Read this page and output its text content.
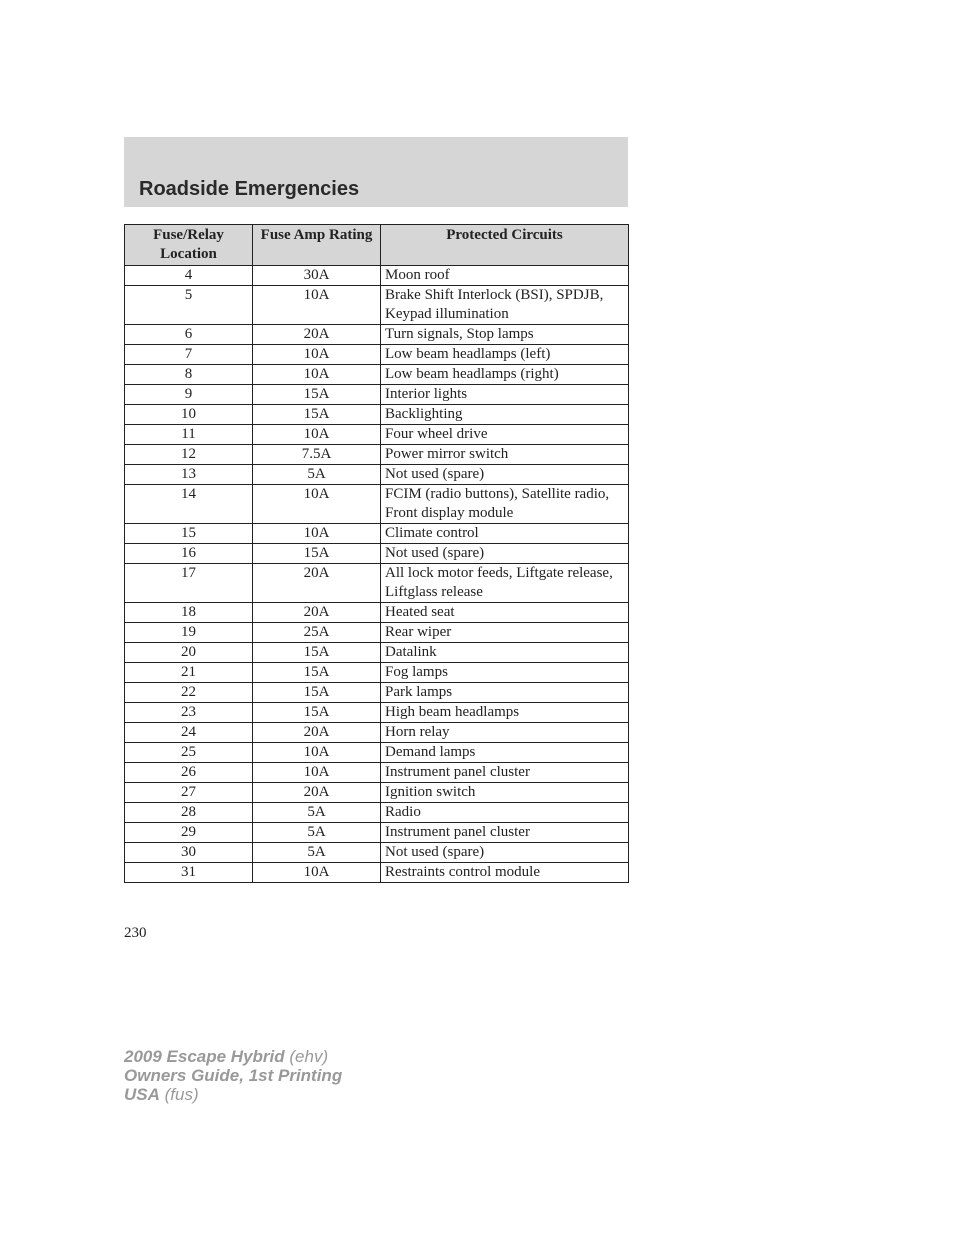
Roadside Emergencies
Fuse/Relay Location	Fuse Amp Rating	Protected Circuits
4	30A	Moon roof
5	10A	Brake Shift Interlock (BSI), SPDJB, Keypad illumination
6	20A	Turn signals, Stop lamps
7	10A	Low beam headlamps (left)
8	10A	Low beam headlamps (right)
9	15A	Interior lights
10	15A	Backlighting
11	10A	Four wheel drive
12	7.5A	Power mirror switch
13	5A	Not used (spare)
14	10A	FCIM (radio buttons), Satellite radio, Front display module
15	10A	Climate control
16	15A	Not used (spare)
17	20A	All lock motor feeds, Liftgate release, Liftglass release
18	20A	Heated seat
19	25A	Rear wiper
20	15A	Datalink
21	15A	Fog lamps
22	15A	Park lamps
23	15A	High beam headlamps
24	20A	Horn relay
25	10A	Demand lamps
26	10A	Instrument panel cluster
27	20A	Ignition switch
28	5A	Radio
29	5A	Instrument panel cluster
30	5A	Not used (spare)
31	10A	Restraints control module
230
2009 Escape Hybrid (ehv)
Owners Guide, 1st Printing
USA (fus)
